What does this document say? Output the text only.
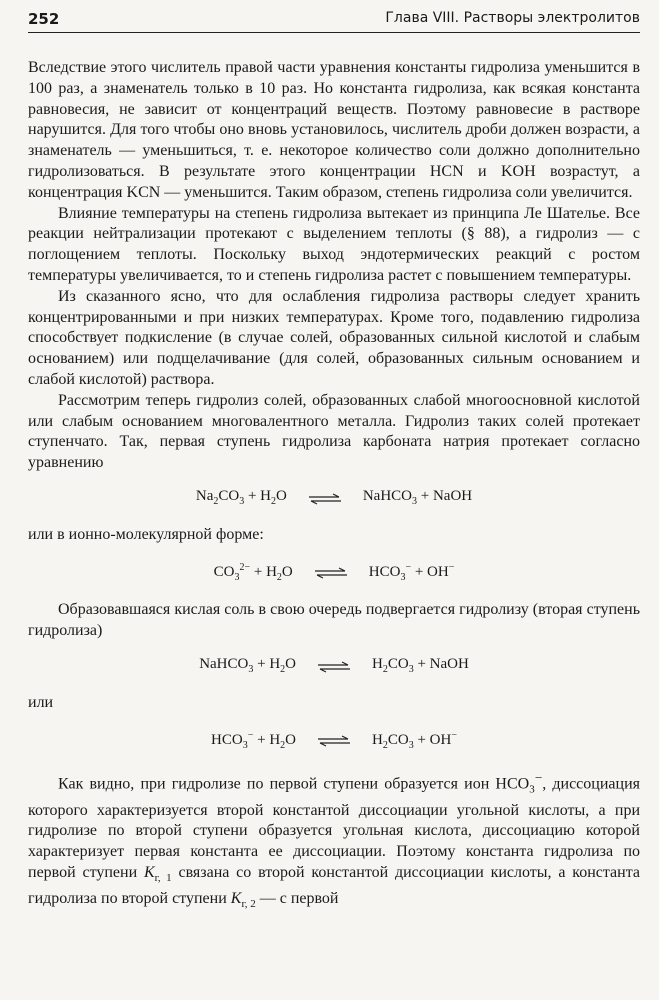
252	Глава VIII. Растворы электролитов

Вследствие этого числитель правой части уравнения константы гидролиза уменьшится в 100 раз, а знаменатель только в 10 раз. Но константа гидролиза, как всякая константа равновесия, не зависит от концентраций веществ. Поэтому равновесие в растворе нарушится. Для того чтобы оно вновь установилось, числитель дроби должен возрасти, а знаменатель — уменьшиться, т. е. некоторое количество соли должно дополнительно гидролизоваться. В результате этого концентрации HCN и KOH возрастут, а концентрация KCN — уменьшится. Таким образом, степень гидролиза соли увеличится.

Влияние температуры на степень гидролиза вытекает из принципа Ле Шателье. Все реакции нейтрализации протекают с выделением теплоты (§ 88), а гидролиз — с поглощением теплоты. Поскольку выход эндотермических реакций с ростом температуры увеличивается, то и степень гидролиза растет с повышением температуры.

Из сказанного ясно, что для ослабления гидролиза растворы следует хранить концентрированными и при низких температурах. Кроме того, подавлению гидролиза способствует подкисление (в случае солей, образованных сильной кислотой и слабым основанием) или подщелачивание (для солей, образованных сильным основанием и слабой кислотой) раствора.

Рассмотрим теперь гидролиз солей, образованных слабой многоосновной кислотой или слабым основанием многовалентного металла. Гидролиз таких солей протекает ступенчато. Так, первая ступень гидролиза карбоната натрия протекает согласно уравнению

$Na_2CO_3 + H_2O$ ⇌ NaHCO$_3$ + NaOH

или в ионно-молекулярной форме:

$CO_3^{2-} + H_2O$ ⇌ $HCO_3^- + OH^-$

Образовавшаяся кислая соль в свою очередь подвергается гидролизу (вторая ступень гидролиза)

NaHCO$_3$ + $H_2O$ ⇌ $H_2CO_3$ + NaOH

или

$HCO_3^- + H_2O$ ⇌ $H_2CO_3 + OH^-$

Как видно, при гидролизе по первой ступени образуется ион $HCO_3^-$, диссоциация которого характеризуется второй константой диссоциации угольной кислоты, а при гидролизе по второй ступени образуется угольная кислота, диссоциацию которой характеризует первая константа ее диссоциации. Поэтому константа гидролиза по первой ступени $K_{г, 1}$ связана со второй константой диссоциации кислоты, а константа гидролиза по второй ступени $K_{г, 2}$ — с первой
